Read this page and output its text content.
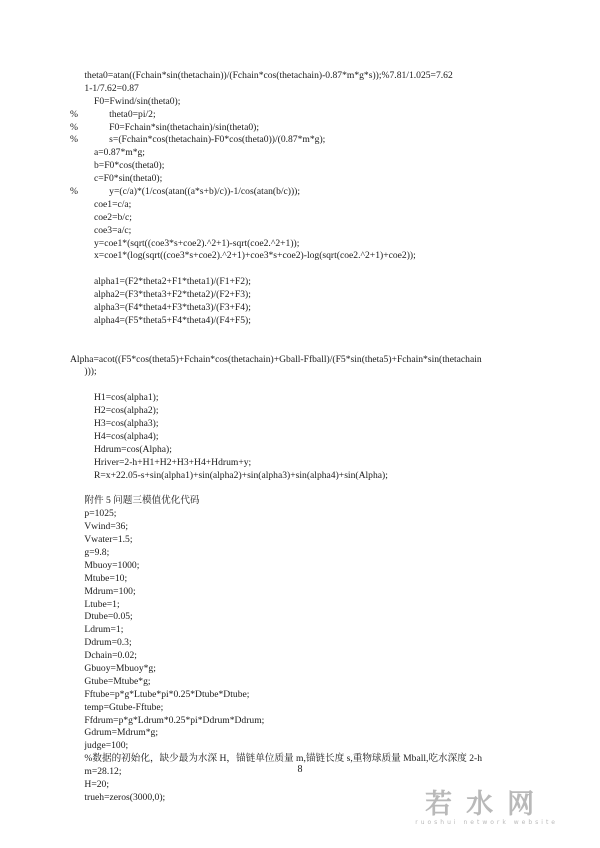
theta0=atan((Fchain*sin(thetachain))/(Fchain*cos(thetachain)-0.87*m*g*s));%7.81/1.025=7.62
1-1/7.62=0.87
F0=Fwind/sin(theta0);
%             theta0=pi/2;
%             F0=Fchain*sin(thetachain)/sin(theta0);
%             s=(Fchain*cos(thetachain)-F0*cos(theta0))/(0.87*m*g);
a=0.87*m*g;
b=F0*cos(theta0);
c=F0*sin(theta0);
%             y=(c/a)*(1/cos(atan((a*s+b)/c))-1/cos(atan(b/c)));
coe1=c/a;
coe2=b/c;
coe3=a/c;
y=coe1*(sqrt((coe3*s+coe2).^2+1)-sqrt(coe2.^2+1));
x=coe1*(log(sqrt((coe3*s+coe2).^2+1)+coe3*s+coe2)-log(sqrt(coe2.^2+1)+coe2));
alpha1=(F2*theta2+F1*theta1)/(F1+F2);
alpha2=(F3*theta3+F2*theta2)/(F2+F3);
alpha3=(F4*theta4+F3*theta3)/(F3+F4);
alpha4=(F5*theta5+F4*theta4)/(F4+F5);
Alpha=acot((F5*cos(theta5)+Fchain*cos(thetachain)+Gball-Ffball)/(F5*sin(theta5)+Fchain*sin(thetachain
)));
H1=cos(alpha1);
H2=cos(alpha2);
H3=cos(alpha3);
H4=cos(alpha4);
Hdrum=cos(Alpha);
Hriver=2-h+H1+H2+H3+H4+Hdrum+y;
R=x+22.05-s+sin(alpha1)+sin(alpha2)+sin(alpha3)+sin(alpha4)+sin(Alpha);
附件 5 问题三模值优化代码
p=1025;
Vwind=36;
Vwater=1.5;
g=9.8;
Mbuoy=1000;
Mtube=10;
Mdrum=100;
Ltube=1;
Dtube=0.05;
Ldrum=1;
Ddrum=0.3;
Dchain=0.02;
Gbuoy=Mbuoy*g;
Gtube=Mtube*g;
Fftube=p*g*Ltube*pi*0.25*Dtube*Dtube;
temp=Gtube-Fftube;
Ffdrum=p*g*Ldrum*0.25*pi*Ddrum*Ddrum;
Gdrum=Mdrum*g;
judge=100;
%数据的初始化，缺少最为水深 H，锚链单位质量 m,锚链长度 s,重物球质量 Mball,吃水深度 2-h
m=28.12;
H=20;
trueh=zeros(3000,0);
8
若水网
ruoshui network website
